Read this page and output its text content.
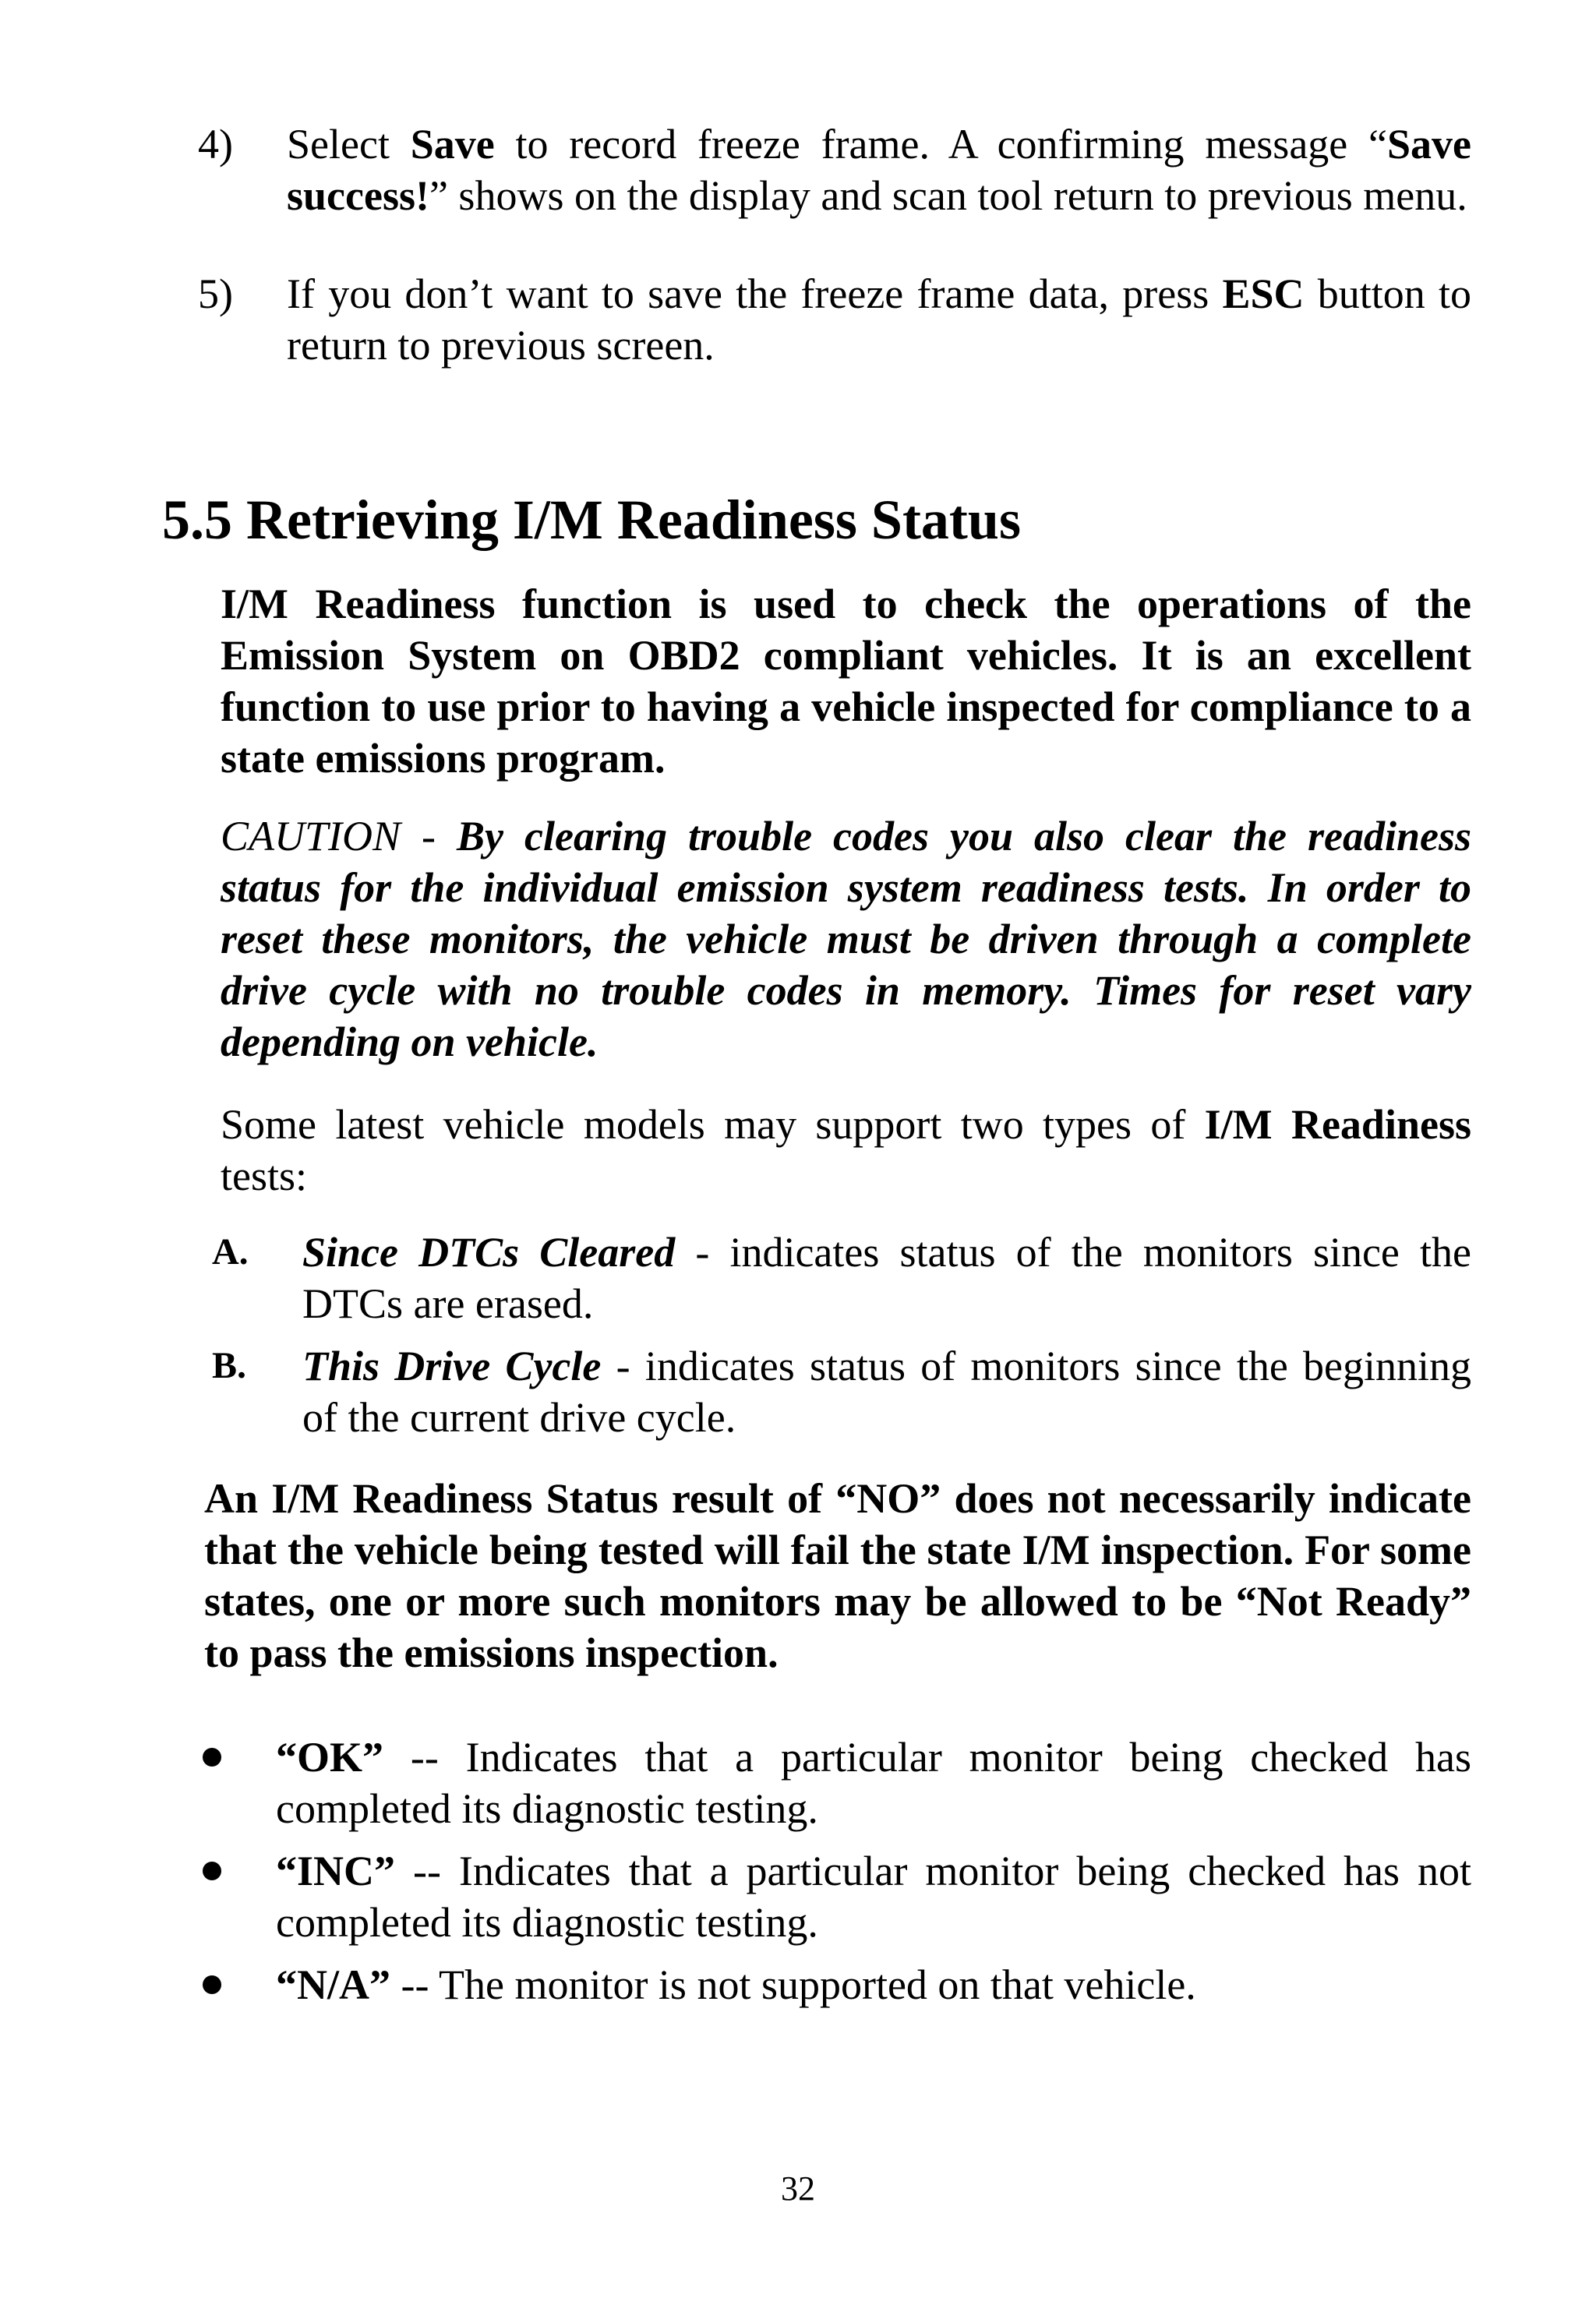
4)	Select Save to record freeze frame. A confirming message “Save success!” shows on the display and scan tool return to previous menu.
5)	If you don’t want to save the freeze frame data, press ESC button to return to previous screen.
5.5 Retrieving I/M Readiness Status

I/M Readiness function is used to check the operations of the Emission System on OBD2 compliant vehicles. It is an excellent function to use prior to having a vehicle inspected for compliance to a state emissions program.

CAUTION - By clearing trouble codes you also clear the readiness status for the individual emission system readiness tests. In order to reset these monitors, the vehicle must be driven through a complete drive cycle with no trouble codes in memory. Times for reset vary depending on vehicle.

Some latest vehicle models may support two types of I/M Readiness tests:

A.	Since DTCs Cleared - indicates status of the monitors since the DTCs are erased.
B.	This Drive Cycle - indicates status of monitors since the beginning of the current drive cycle.

An I/M Readiness Status result of “NO” does not necessarily indicate that the vehicle being tested will fail the state I/M inspection. For some states, one or more such monitors may be allowed to be “Not Ready” to pass the emissions inspection.

“OK” -- Indicates that a particular monitor being checked has completed its diagnostic testing.
“INC” -- Indicates that a particular monitor being checked has not completed its diagnostic testing.
“N/A” -- The monitor is not supported on that vehicle.
32
